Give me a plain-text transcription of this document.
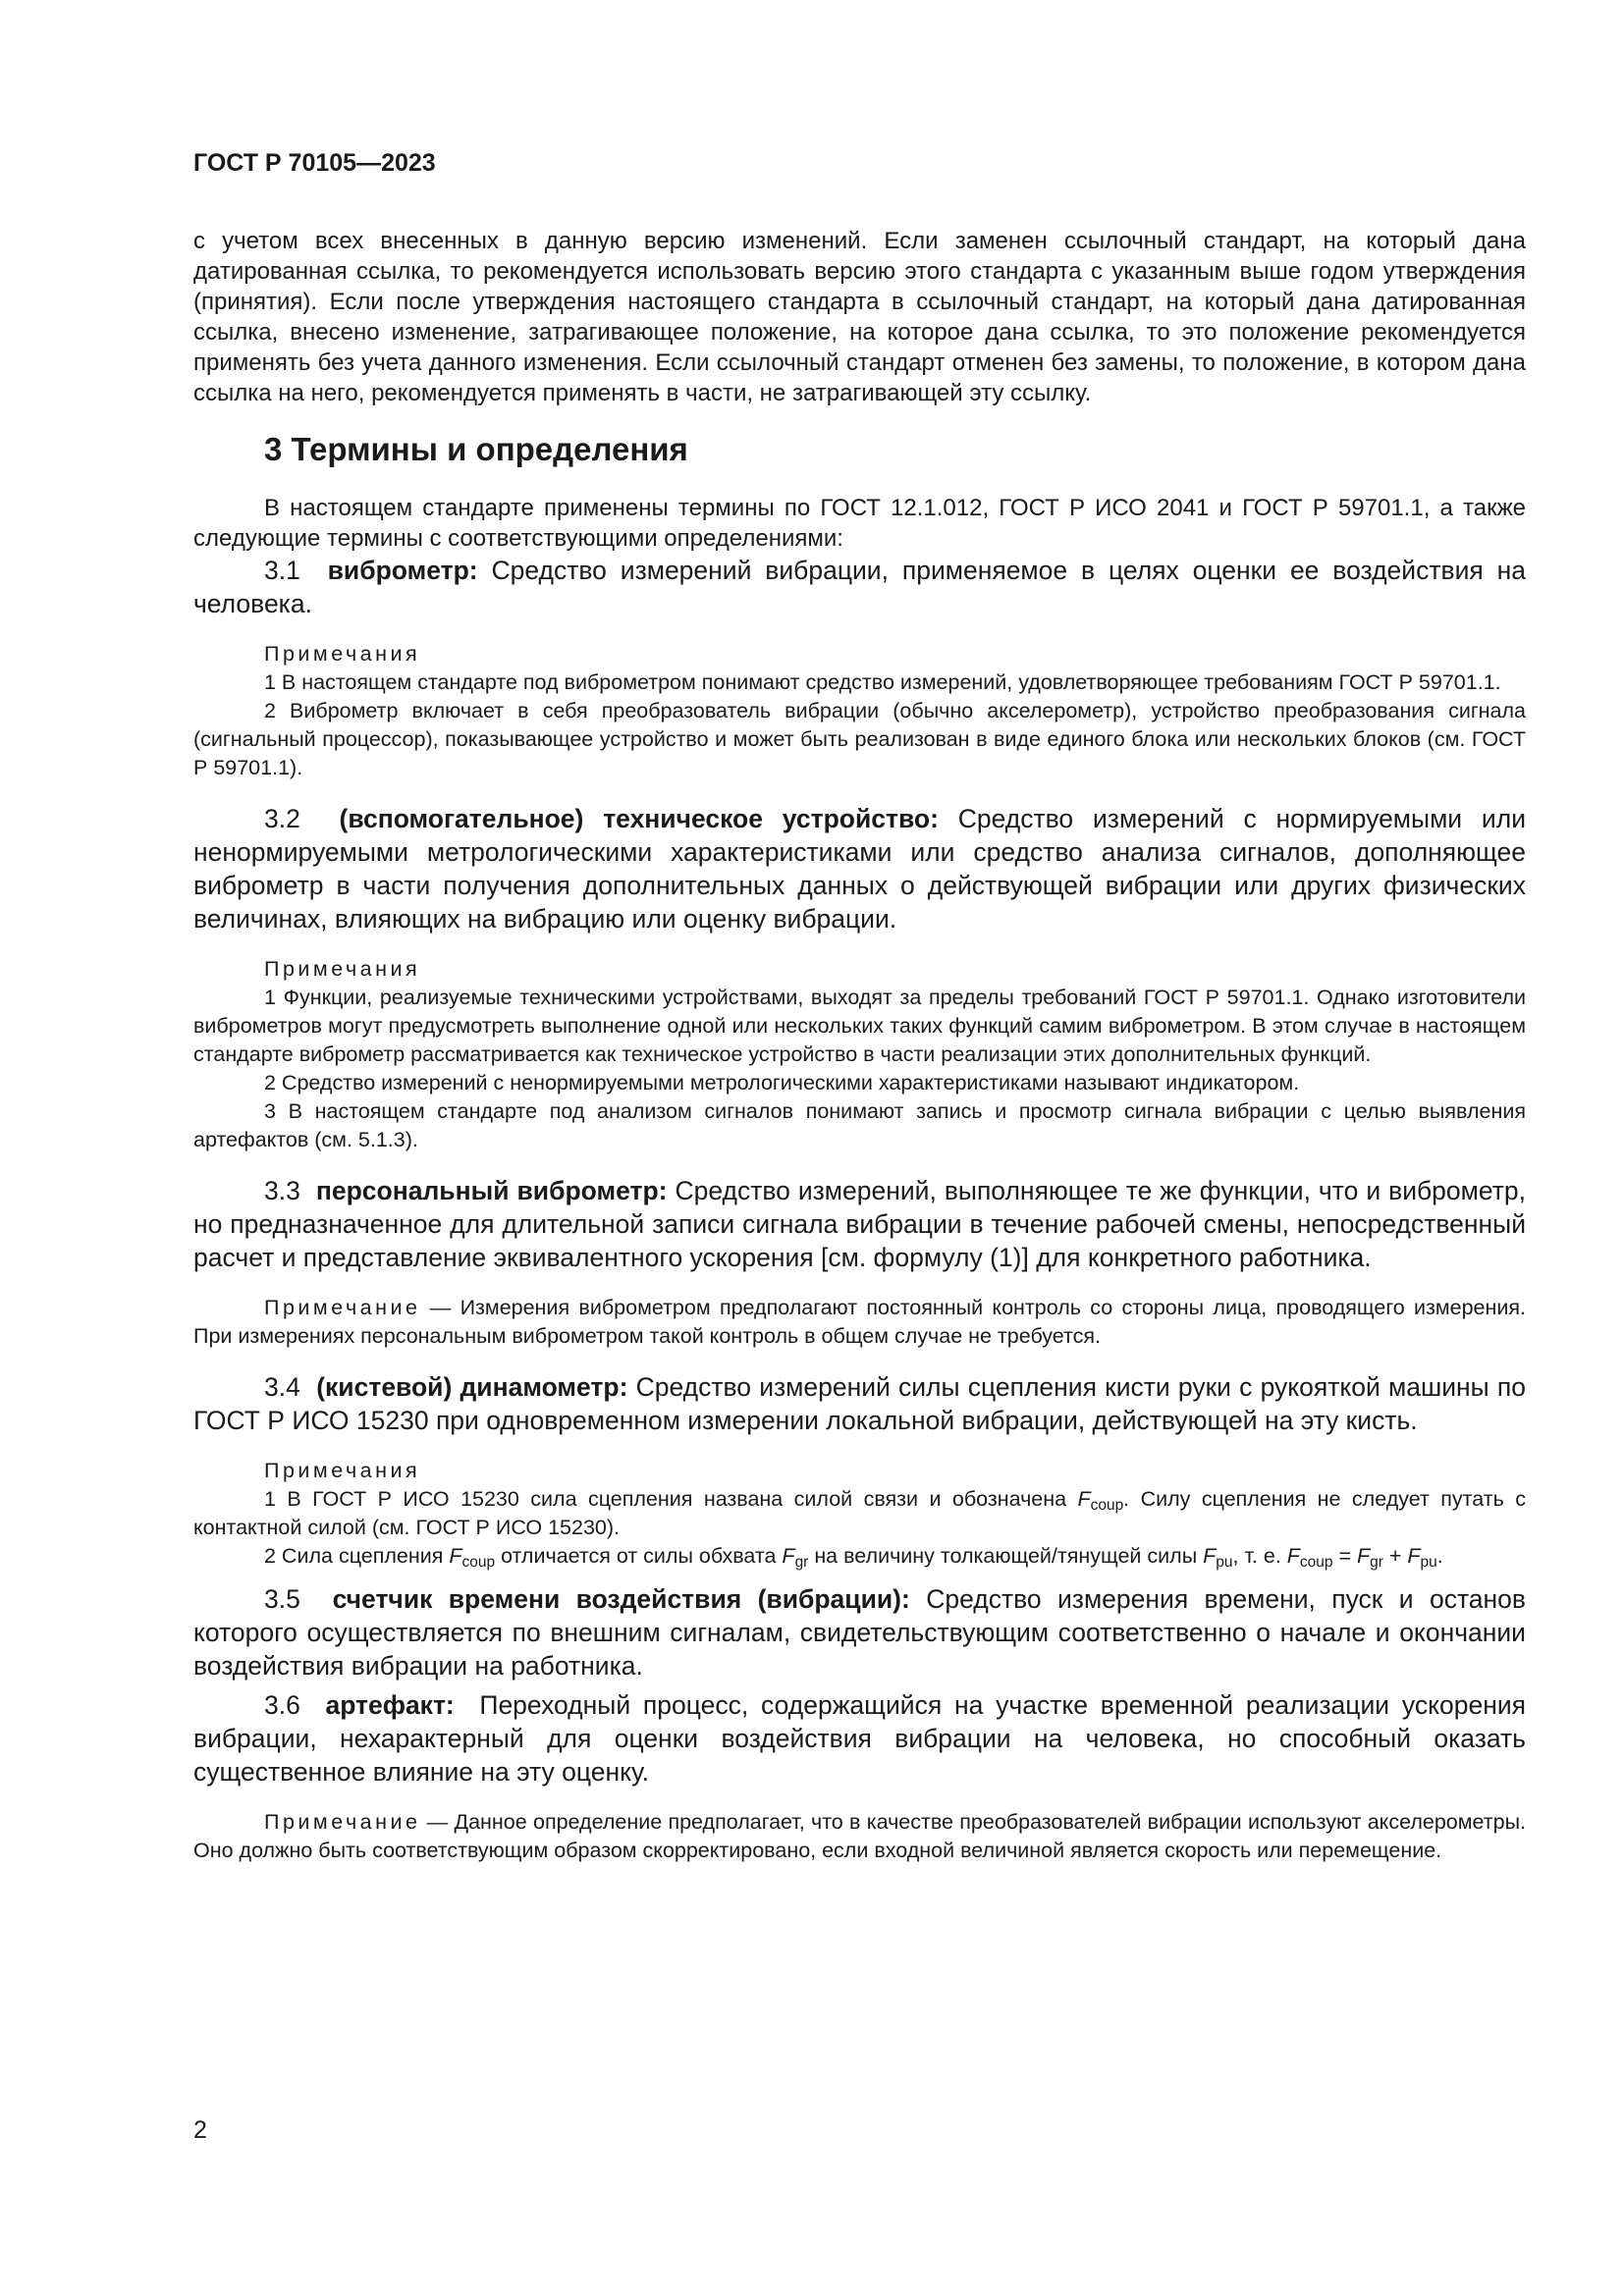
ГОСТ Р 70105—2023

с учетом всех внесенных в данную версию изменений. Если заменен ссылочный стандарт, на который дана датированная ссылка, то рекомендуется использовать версию этого стандарта с указанным выше годом утверждения (принятия). Если после утверждения настоящего стандарта в ссылочный стандарт, на который дана датированная ссылка, внесено изменение, затрагивающее положение, на которое дана ссылка, то это положение рекомендуется применять без учета данного изменения. Если ссылочный стандарт отменен без замены, то положение, в котором дана ссылка на него, рекомендуется применять в части, не затрагивающей эту ссылку.

3 Термины и определения

В настоящем стандарте применены термины по ГОСТ 12.1.012, ГОСТ Р ИСО 2041 и ГОСТ Р 59701.1, а также следующие термины с соответствующими определениями:

3.1 виброметр: Средство измерений вибрации, применяемое в целях оценки ее воздействия на человека.

Примечания

1 В настоящем стандарте под виброметром понимают средство измерений, удовлетворяющее требованиям ГОСТ Р 59701.1.

2 Виброметр включает в себя преобразователь вибрации (обычно акселерометр), устройство преобразования сигнала (сигнальный процессор), показывающее устройство и может быть реализован в виде единого блока или нескольких блоков (см. ГОСТ Р 59701.1).

3.2 (вспомогательное) техническое устройство: Средство измерений с нормируемыми или ненормируемыми метрологическими характеристиками или средство анализа сигналов, дополняющее виброметр в части получения дополнительных данных о действующей вибрации или других физических величинах, влияющих на вибрацию или оценку вибрации.

Примечания

1 Функции, реализуемые техническими устройствами, выходят за пределы требований ГОСТ Р 59701.1. Однако изготовители виброметров могут предусмотреть выполнение одной или нескольких таких функций самим виброметром. В этом случае в настоящем стандарте виброметр рассматривается как техническое устройство в части реализации этих дополнительных функций.

2 Средство измерений с ненормируемыми метрологическими характеристиками называют индикатором.

3 В настоящем стандарте под анализом сигналов понимают запись и просмотр сигнала вибрации с целью выявления артефактов (см. 5.1.3).

3.3 персональный виброметр: Средство измерений, выполняющее те же функции, что и виброметр, но предназначенное для длительной записи сигнала вибрации в течение рабочей смены, непосредственный расчет и представление эквивалентного ускорения [см. формулу (1)] для конкретного работника.

Примечание — Измерения виброметром предполагают постоянный контроль со стороны лица, проводящего измерения. При измерениях персональным виброметром такой контроль в общем случае не требуется.

3.4 (кистевой) динамометр: Средство измерений силы сцепления кисти руки с рукояткой машины по ГОСТ Р ИСО 15230 при одновременном измерении локальной вибрации, действующей на эту кисть.

Примечания

1 В ГОСТ Р ИСО 15230 сила сцепления названа силой связи и обозначена $F_{coup}$. Силу сцепления не следует путать с контактной силой (см. ГОСТ Р ИСО 15230).

2 Сила сцепления $F_{coup}$ отличается от силы обхвата $F_{gr}$ на величину толкающей/тянущей силы $F_{pu}$, т. е. $F_{coup} = F_{gr} + F_{pu}$.

3.5 счетчик времени воздействия (вибрации): Средство измерения времени, пуск и останов которого осуществляется по внешним сигналам, свидетельствующим соответственно о начале и окончании воздействия вибрации на работника.

3.6 артефакт: Переходный процесс, содержащийся на участке временной реализации ускорения вибрации, нехарактерный для оценки воздействия вибрации на человека, но способный оказать существенное влияние на эту оценку.

Примечание — Данное определение предполагает, что в качестве преобразователей вибрации используют акселерометры. Оно должно быть соответствующим образом скорректировано, если входной величиной является скорость или перемещение.

2
